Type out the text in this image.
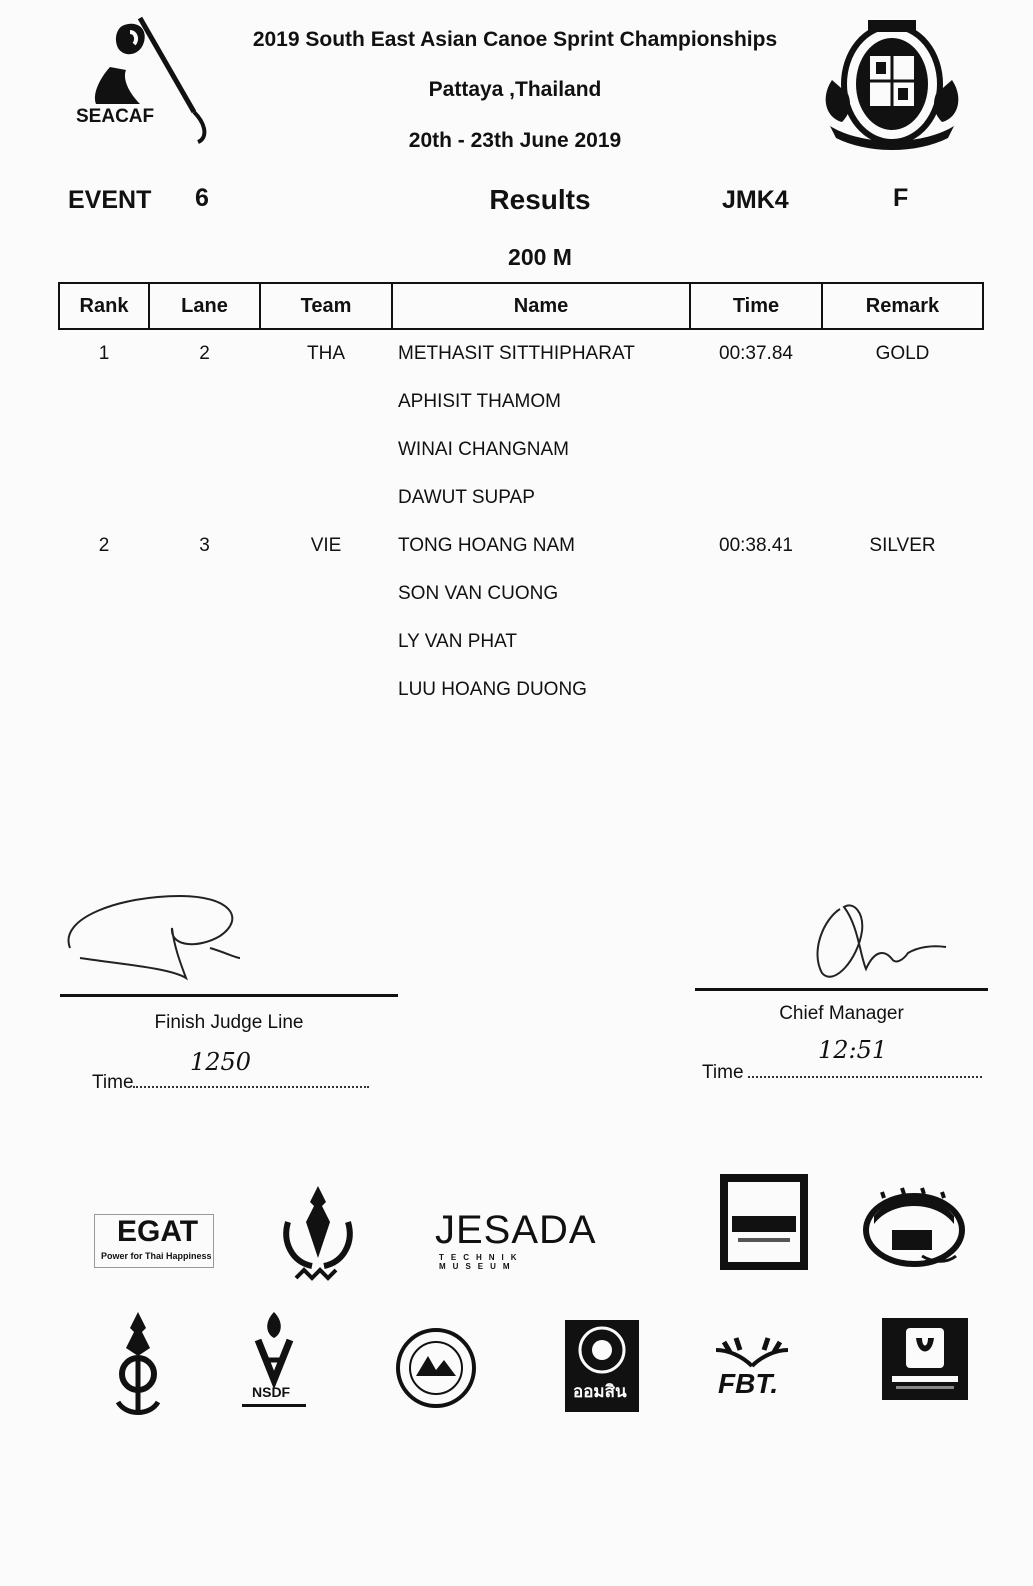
SEACAF
2019 South East Asian Canoe Sprint Championships
Pattaya ,Thailand
20th - 23th June 2019
EVENT 6	Results	JMK4	F
200 M
Rank	Lane	Team	Name	Time	Remark
1	2	THA	METHASIT SITTHIPHARAT	00:37.84	GOLD
			APHISIT THAMOM		
			WINAI CHANGNAM		
			DAWUT SUPAP		
2	3	VIE	TONG HOANG NAM	00:38.41	SILVER
			SON VAN CUONG		
			LY VAN PHAT		
			LUU HOANG DUONG		
Finish Judge Line
Time
1250
Chief Manager
Time
12:51
EGAT
Power for Thai Happiness
JESADA
TECHNIK MUSEUM
NSDF	ออมสิน	FBT.
